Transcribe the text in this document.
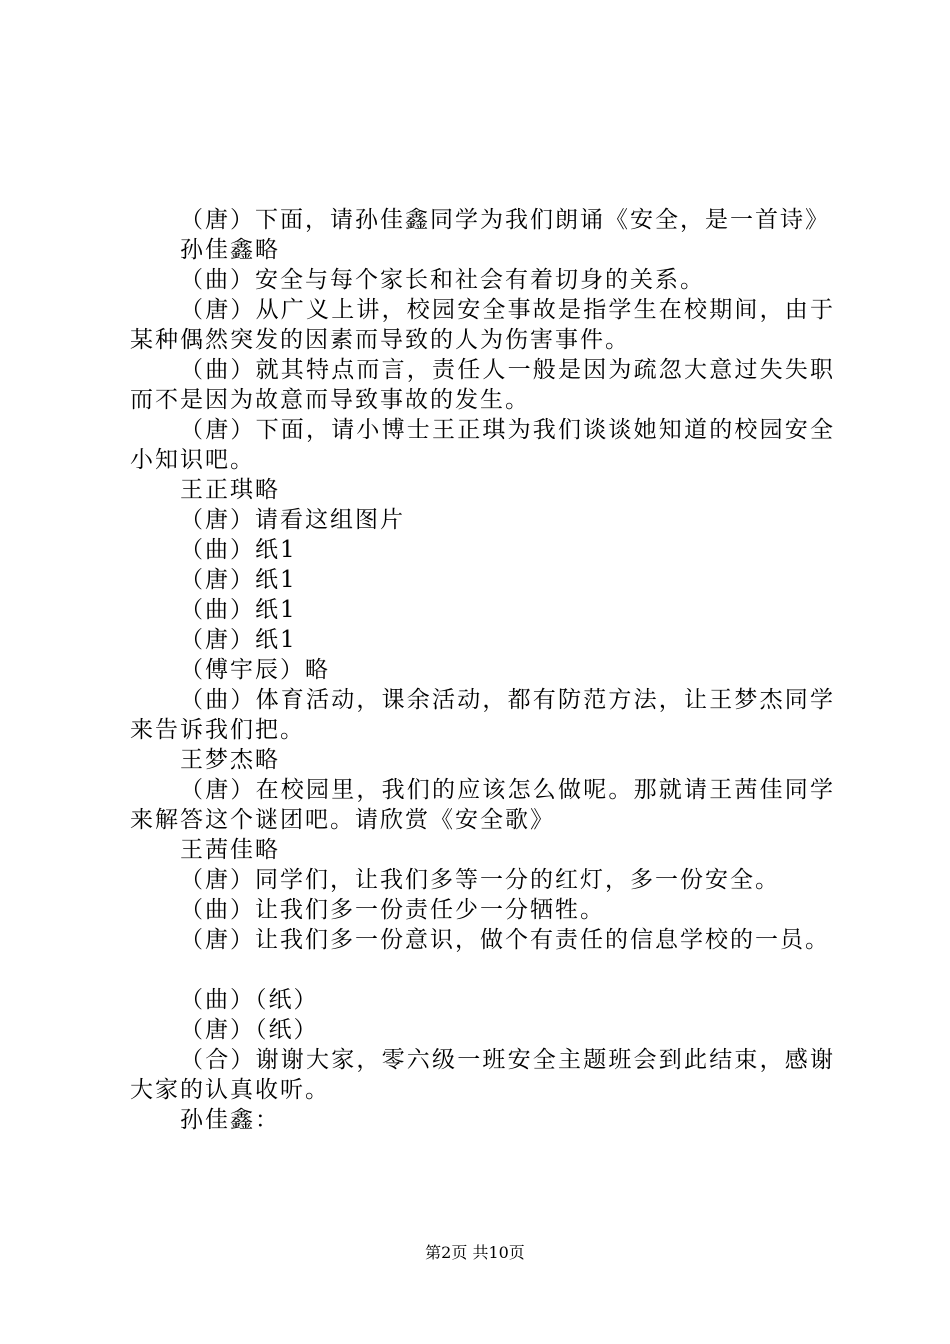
（唐）下面，请孙佳鑫同学为我们朗诵《安全，是一首诗》

孙佳鑫略

（曲）安全与每个家长和社会有着切身的关系。

（唐）从广义上讲，校园安全事故是指学生在校期间，由于某种偶然突发的因素而导致的人为伤害事件。

（曲）就其特点而言，责任人一般是因为疏忽大意过失失职而不是因为故意而导致事故的发生。

（唐）下面，请小博士王正琪为我们谈谈她知道的校园安全小知识吧。

王正琪略

（唐）请看这组图片

（曲）纸1

（唐）纸1

（曲）纸1

（唐）纸1

（傅宇辰）略

（曲）体育活动，课余活动，都有防范方法，让王梦杰同学来告诉我们把。

王梦杰略

（唐）在校园里，我们的应该怎么做呢。那就请王茜佳同学来解答这个谜团吧。请欣赏《安全歌》

王茜佳略

（唐）同学们，让我们多等一分的红灯，多一份安全。

（曲）让我们多一份责任少一分牺牲。

（唐）让我们多一份意识，做个有责任的信息学校的一员。

（曲）（纸）

（唐）（纸）

（合）谢谢大家，零六级一班安全主题班会到此结束，感谢大家的认真收听。

孙佳鑫：

第2页 共10页
